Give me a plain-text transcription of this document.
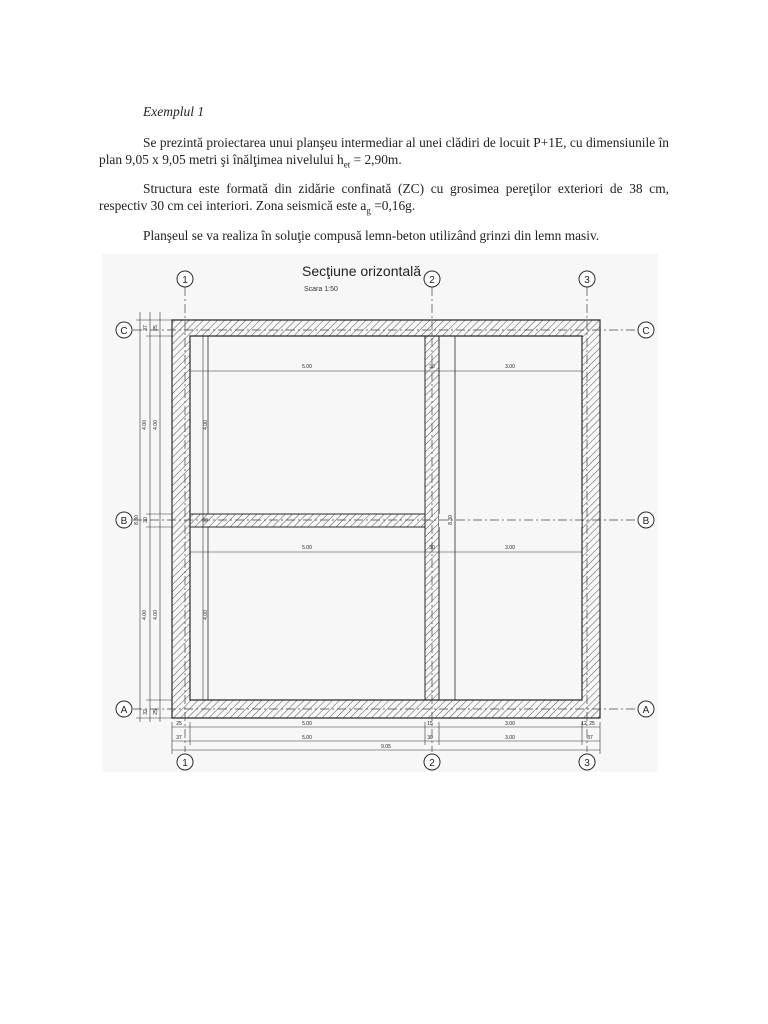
Exemplul 1

Se prezintă proiectarea unui planşeu intermediar al unei clădiri de locuit P+1E, cu dimensiunile în plan 9,05 x 9,05 metri şi înălţimea nivelului $h_{et} = 2,90m$.

Structura este formată din zidărie confinată (ZC) cu grosimea pereţilor exteriori de 38 cm, respectiv 30 cm cei interiori. Zona seismică este $a_g =0,16g$.

Planşeul se va realiza în soluţie compusă lemn-beton utilizând grinzi din lemn masiv.

Secţiune orizontală
Scara 1:50
1	2	3
1	2	3
C
B
A
C
B
A
5.00	3.00
5.00	3.00
30
30
30
4.00
4.00
8.30
4.00 4.00
4.00 4.00
8.30
25
37
30
25
32
5.00	3.00
5.00	3.00
9.05
25
37
15
30
12 25
37
